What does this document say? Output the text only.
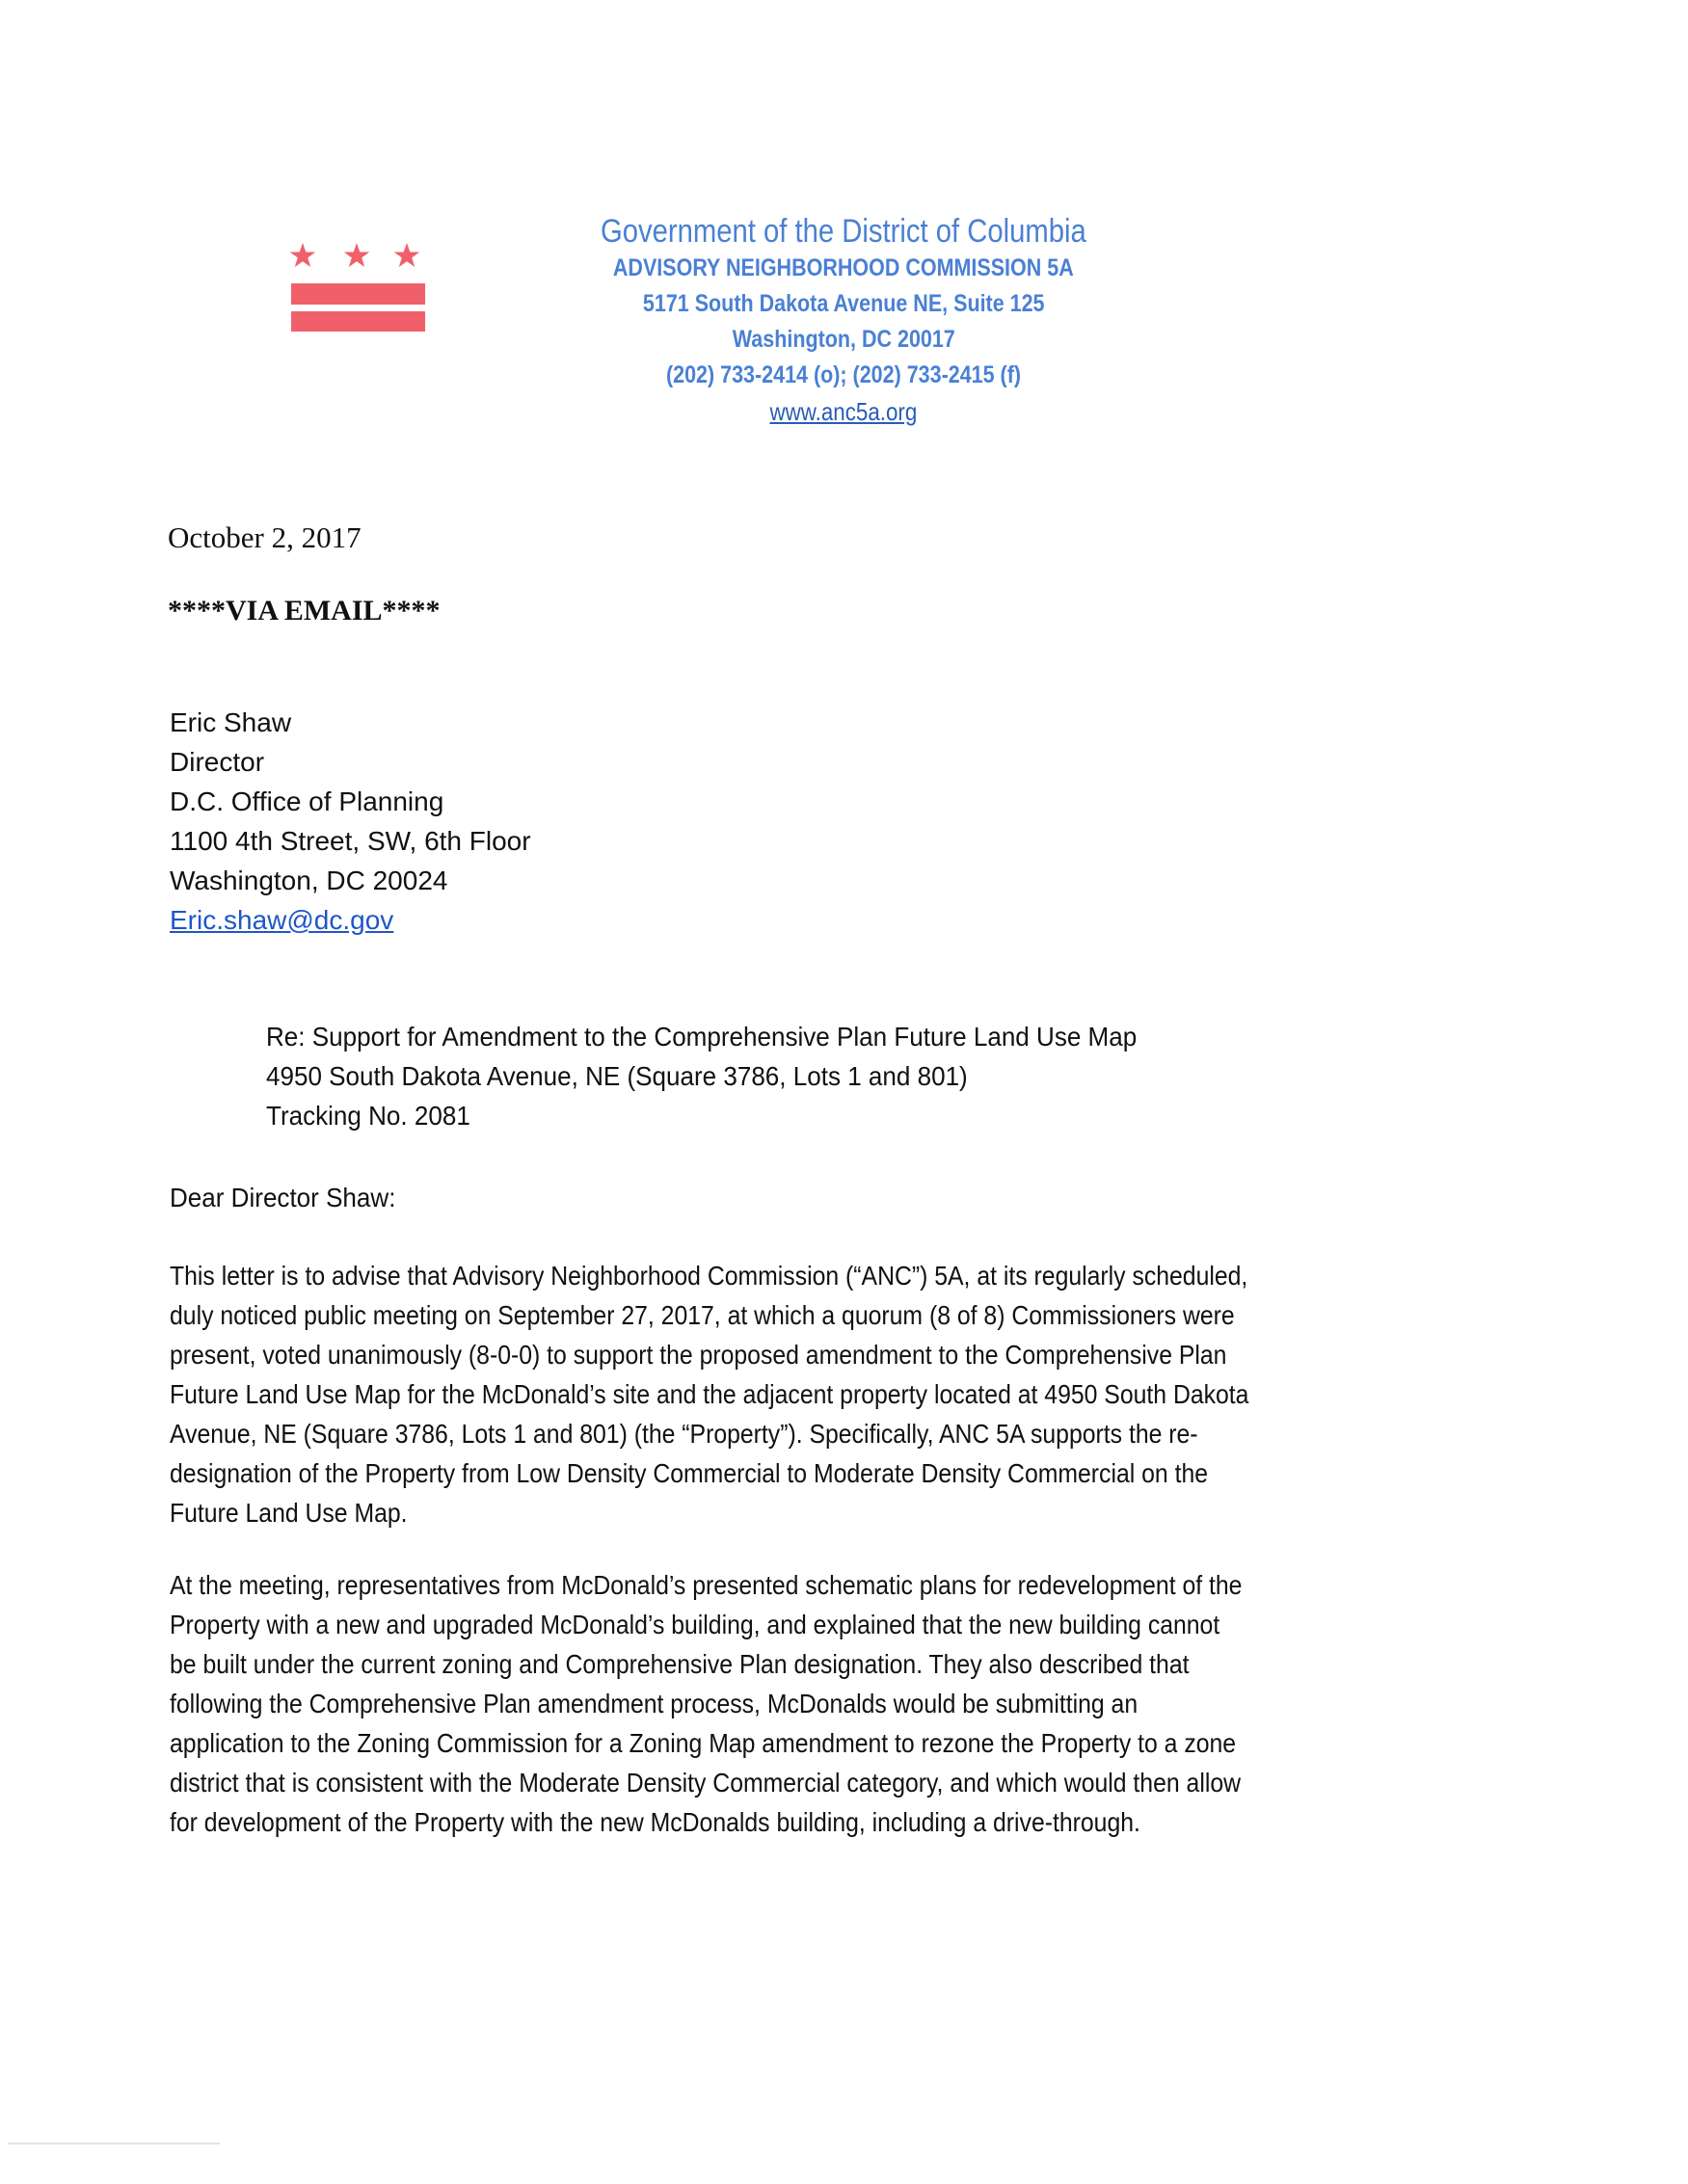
Government of the District of Columbia
ADVISORY NEIGHBORHOOD COMMISSION 5A
5171 South Dakota Avenue NE, Suite 125
Washington, DC 20017
(202) 733-2414 (o); (202) 733-2415 (f)
www.anc5a.org
October 2, 2017
****VIA EMAIL****
Eric Shaw
Director
D.C. Office of Planning
1100 4th Street, SW, 6th Floor
Washington, DC 20024
Eric.shaw@dc.gov
Re: Support for Amendment to the Comprehensive Plan Future Land Use Map
4950 South Dakota Avenue, NE (Square 3786, Lots 1 and 801)
Tracking No. 2081
Dear Director Shaw:
This letter is to advise that Advisory Neighborhood Commission (“ANC”) 5A, at its regularly scheduled,
duly noticed public meeting on September 27, 2017, at which a quorum (8 of 8) Commissioners were
present, voted unanimously (8-0-0) to support the proposed amendment to the Comprehensive Plan
Future Land Use Map for the McDonald’s site and the adjacent property located at 4950 South Dakota
Avenue, NE (Square 3786, Lots 1 and 801) (the “Property”). Specifically, ANC 5A supports the re-
designation of the Property from Low Density Commercial to Moderate Density Commercial on the
Future Land Use Map.
At the meeting, representatives from McDonald’s presented schematic plans for redevelopment of the
Property with a new and upgraded McDonald’s building, and explained that the new building cannot
be built under the current zoning and Comprehensive Plan designation. They also described that
following the Comprehensive Plan amendment process, McDonalds would be submitting an
application to the Zoning Commission for a Zoning Map amendment to rezone the Property to a zone
district that is consistent with the Moderate Density Commercial category, and which would then allow
for development of the Property with the new McDonalds building, including a drive-through.
